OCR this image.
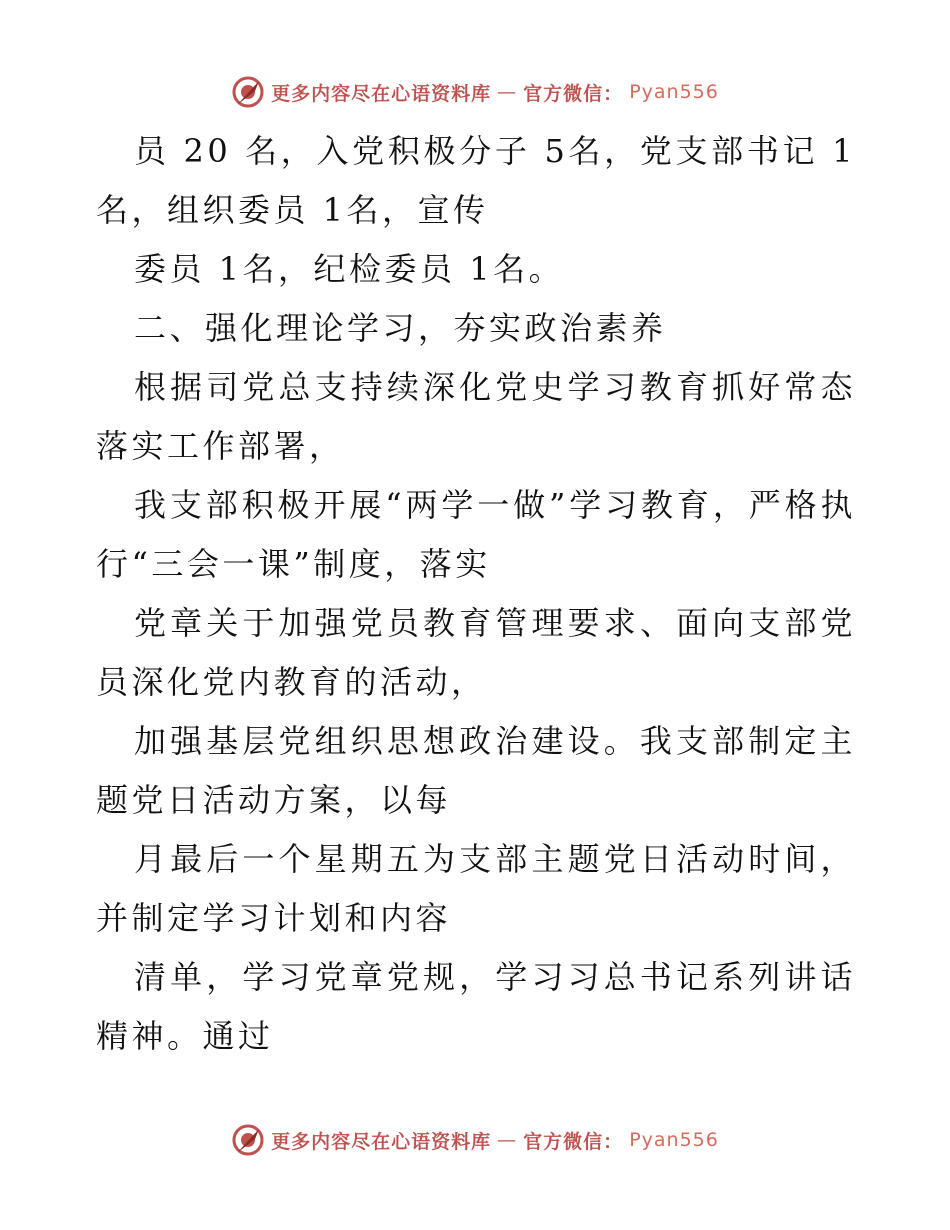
更多内容尽在心语资料库 — 官方微信： Pyan556

员 20 名，入党积极分子 5名，党支部书记 1名，组织委员 1名，宣传

委员 1名，纪检委员 1名。

二、强化理论学习，夯实政治素养

根据司党总支持续深化党史学习教育抓好常态落实工作部署，

我支部积极开展“两学一做”学习教育，严格执行“三会一课”制度，落实

党章关于加强党员教育管理要求、面向支部党员深化党内教育的活动，

加强基层党组织思想政治建设。我支部制定主题党日活动方案，以每

月最后一个星期五为支部主题党日活动时间，并制定学习计划和内容

清单，学习党章党规，学习习总书记系列讲话精神。通过

更多内容尽在心语资料库 — 官方微信： Pyan556
